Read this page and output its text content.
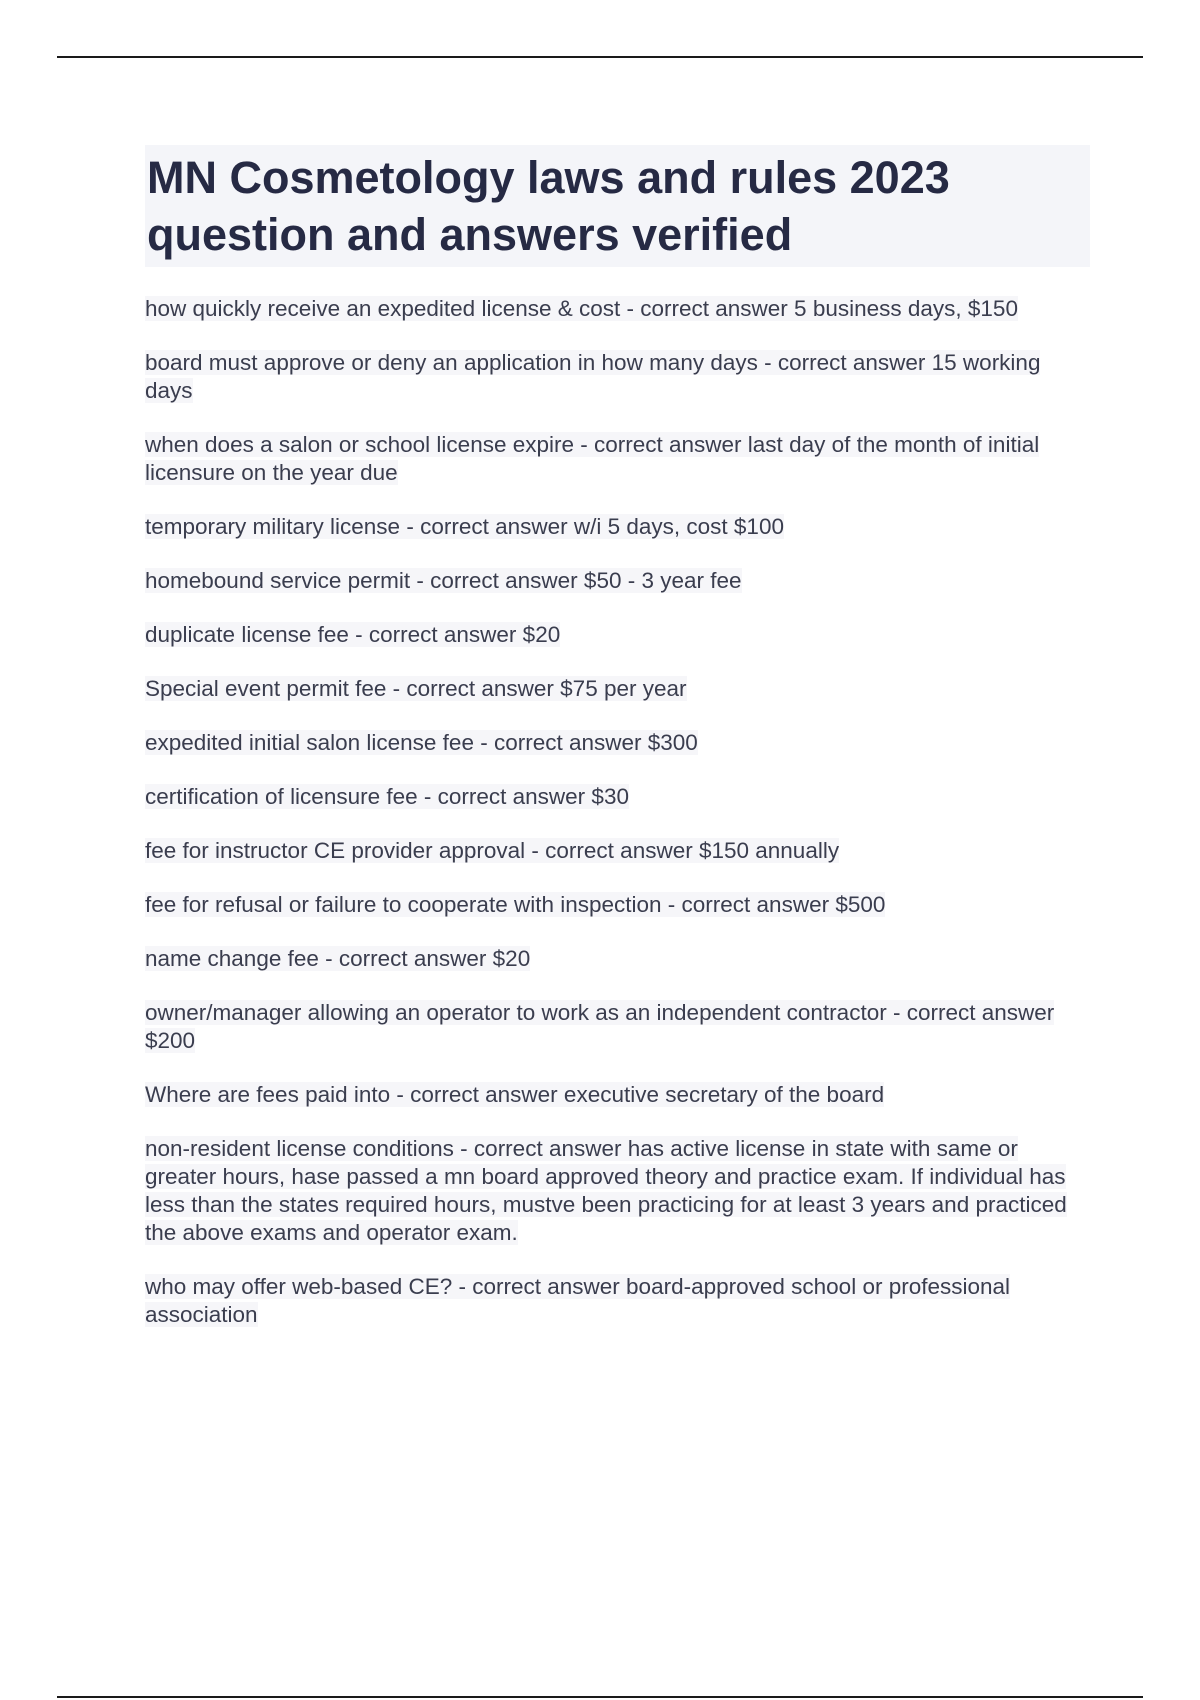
MN Cosmetology laws and rules 2023 question and answers verified
how quickly receive an expedited license & cost - correct answer 5 business days, $150
board must approve or deny an application in how many days - correct answer 15 working days
when does a salon or school license expire - correct answer last day of the month of initial licensure on the year due
temporary military license - correct answer w/i 5 days, cost $100
homebound service permit - correct answer $50 - 3 year fee
duplicate license fee - correct answer $20
Special event permit fee - correct answer $75 per year
expedited initial salon license fee - correct answer $300
certification of licensure fee - correct answer $30
fee for instructor CE provider approval - correct answer $150 annually
fee for refusal or failure to cooperate with inspection - correct answer $500
name change fee - correct answer $20
owner/manager allowing an operator to work as an independent contractor - correct answer $200
Where are fees paid into - correct answer executive secretary of the board
non-resident license conditions - correct answer has active license in state with same or greater hours, hase passed a mn board approved theory and practice exam. If individual has less than the states required hours, mustve been practicing for at least 3 years and practiced the above exams and operator exam.
who may offer web-based CE? - correct answer board-approved school or professional association
